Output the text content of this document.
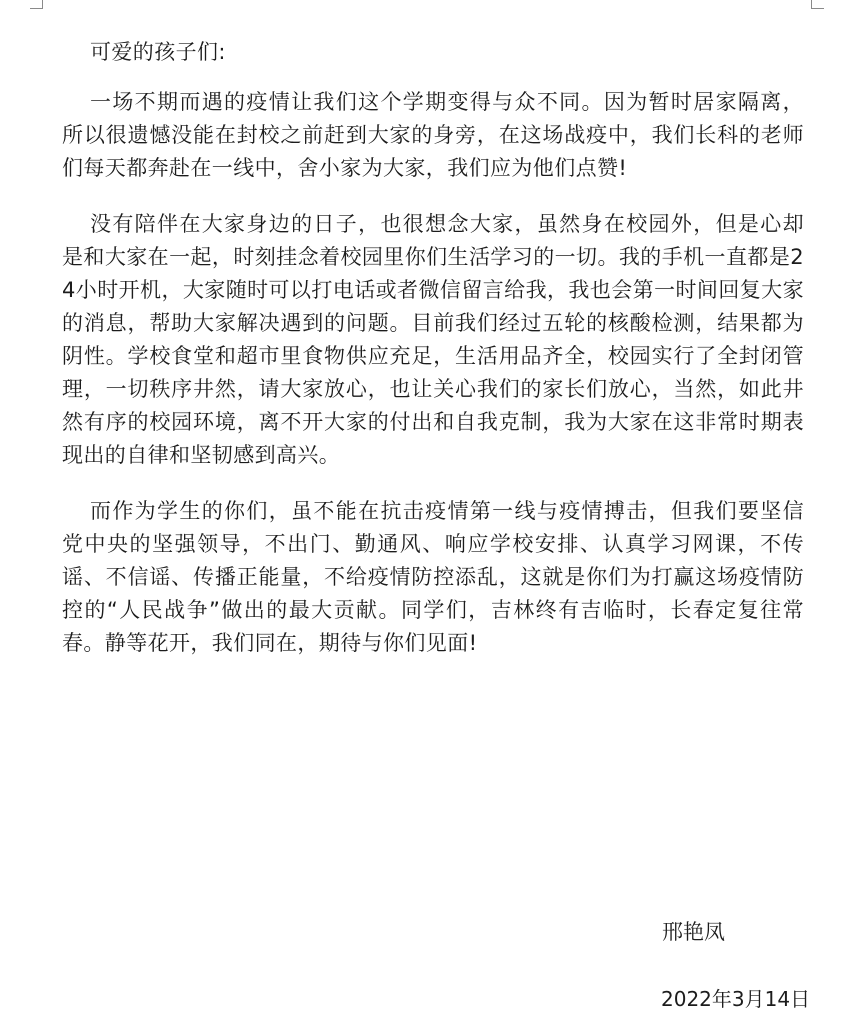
可爱的孩子们:
一场不期而遇的疫情让我们这个学期变得与众不同。因为暂时居家隔离，
所以很遗憾没能在封校之前赶到大家的身旁，在这场战疫中，我们长科的老师
们每天都奔赴在一线中，舍小家为大家，我们应为他们点赞!
没有陪伴在大家身边的日子，也很想念大家，虽然身在校园外，但是心却
是和大家在一起，时刻挂念着校园里你们生活学习的一切。我的手机一直都是2
4小时开机，大家随时可以打电话或者微信留言给我，我也会第一时间回复大家
的消息，帮助大家解决遇到的问题。目前我们经过五轮的核酸检测，结果都为
阴性。学校食堂和超市里食物供应充足，生活用品齐全，校园实行了全封闭管
理，一切秩序井然，请大家放心，也让关心我们的家长们放心，当然，如此井
然有序的校园环境，离不开大家的付出和自我克制，我为大家在这非常时期表
现出的自律和坚韧感到高兴。
而作为学生的你们，虽不能在抗击疫情第一线与疫情搏击，但我们要坚信
党中央的坚强领导，不出门、勤通风、响应学校安排、认真学习网课，不传
谣、不信谣、传播正能量，不给疫情防控添乱，这就是你们为打赢这场疫情防
控的“人民战争”做出的最大贡献。同学们，吉林终有吉临时，长春定复往常
春。静等花开，我们同在，期待与你们见面!
邢艳凤
2022年3月14日
